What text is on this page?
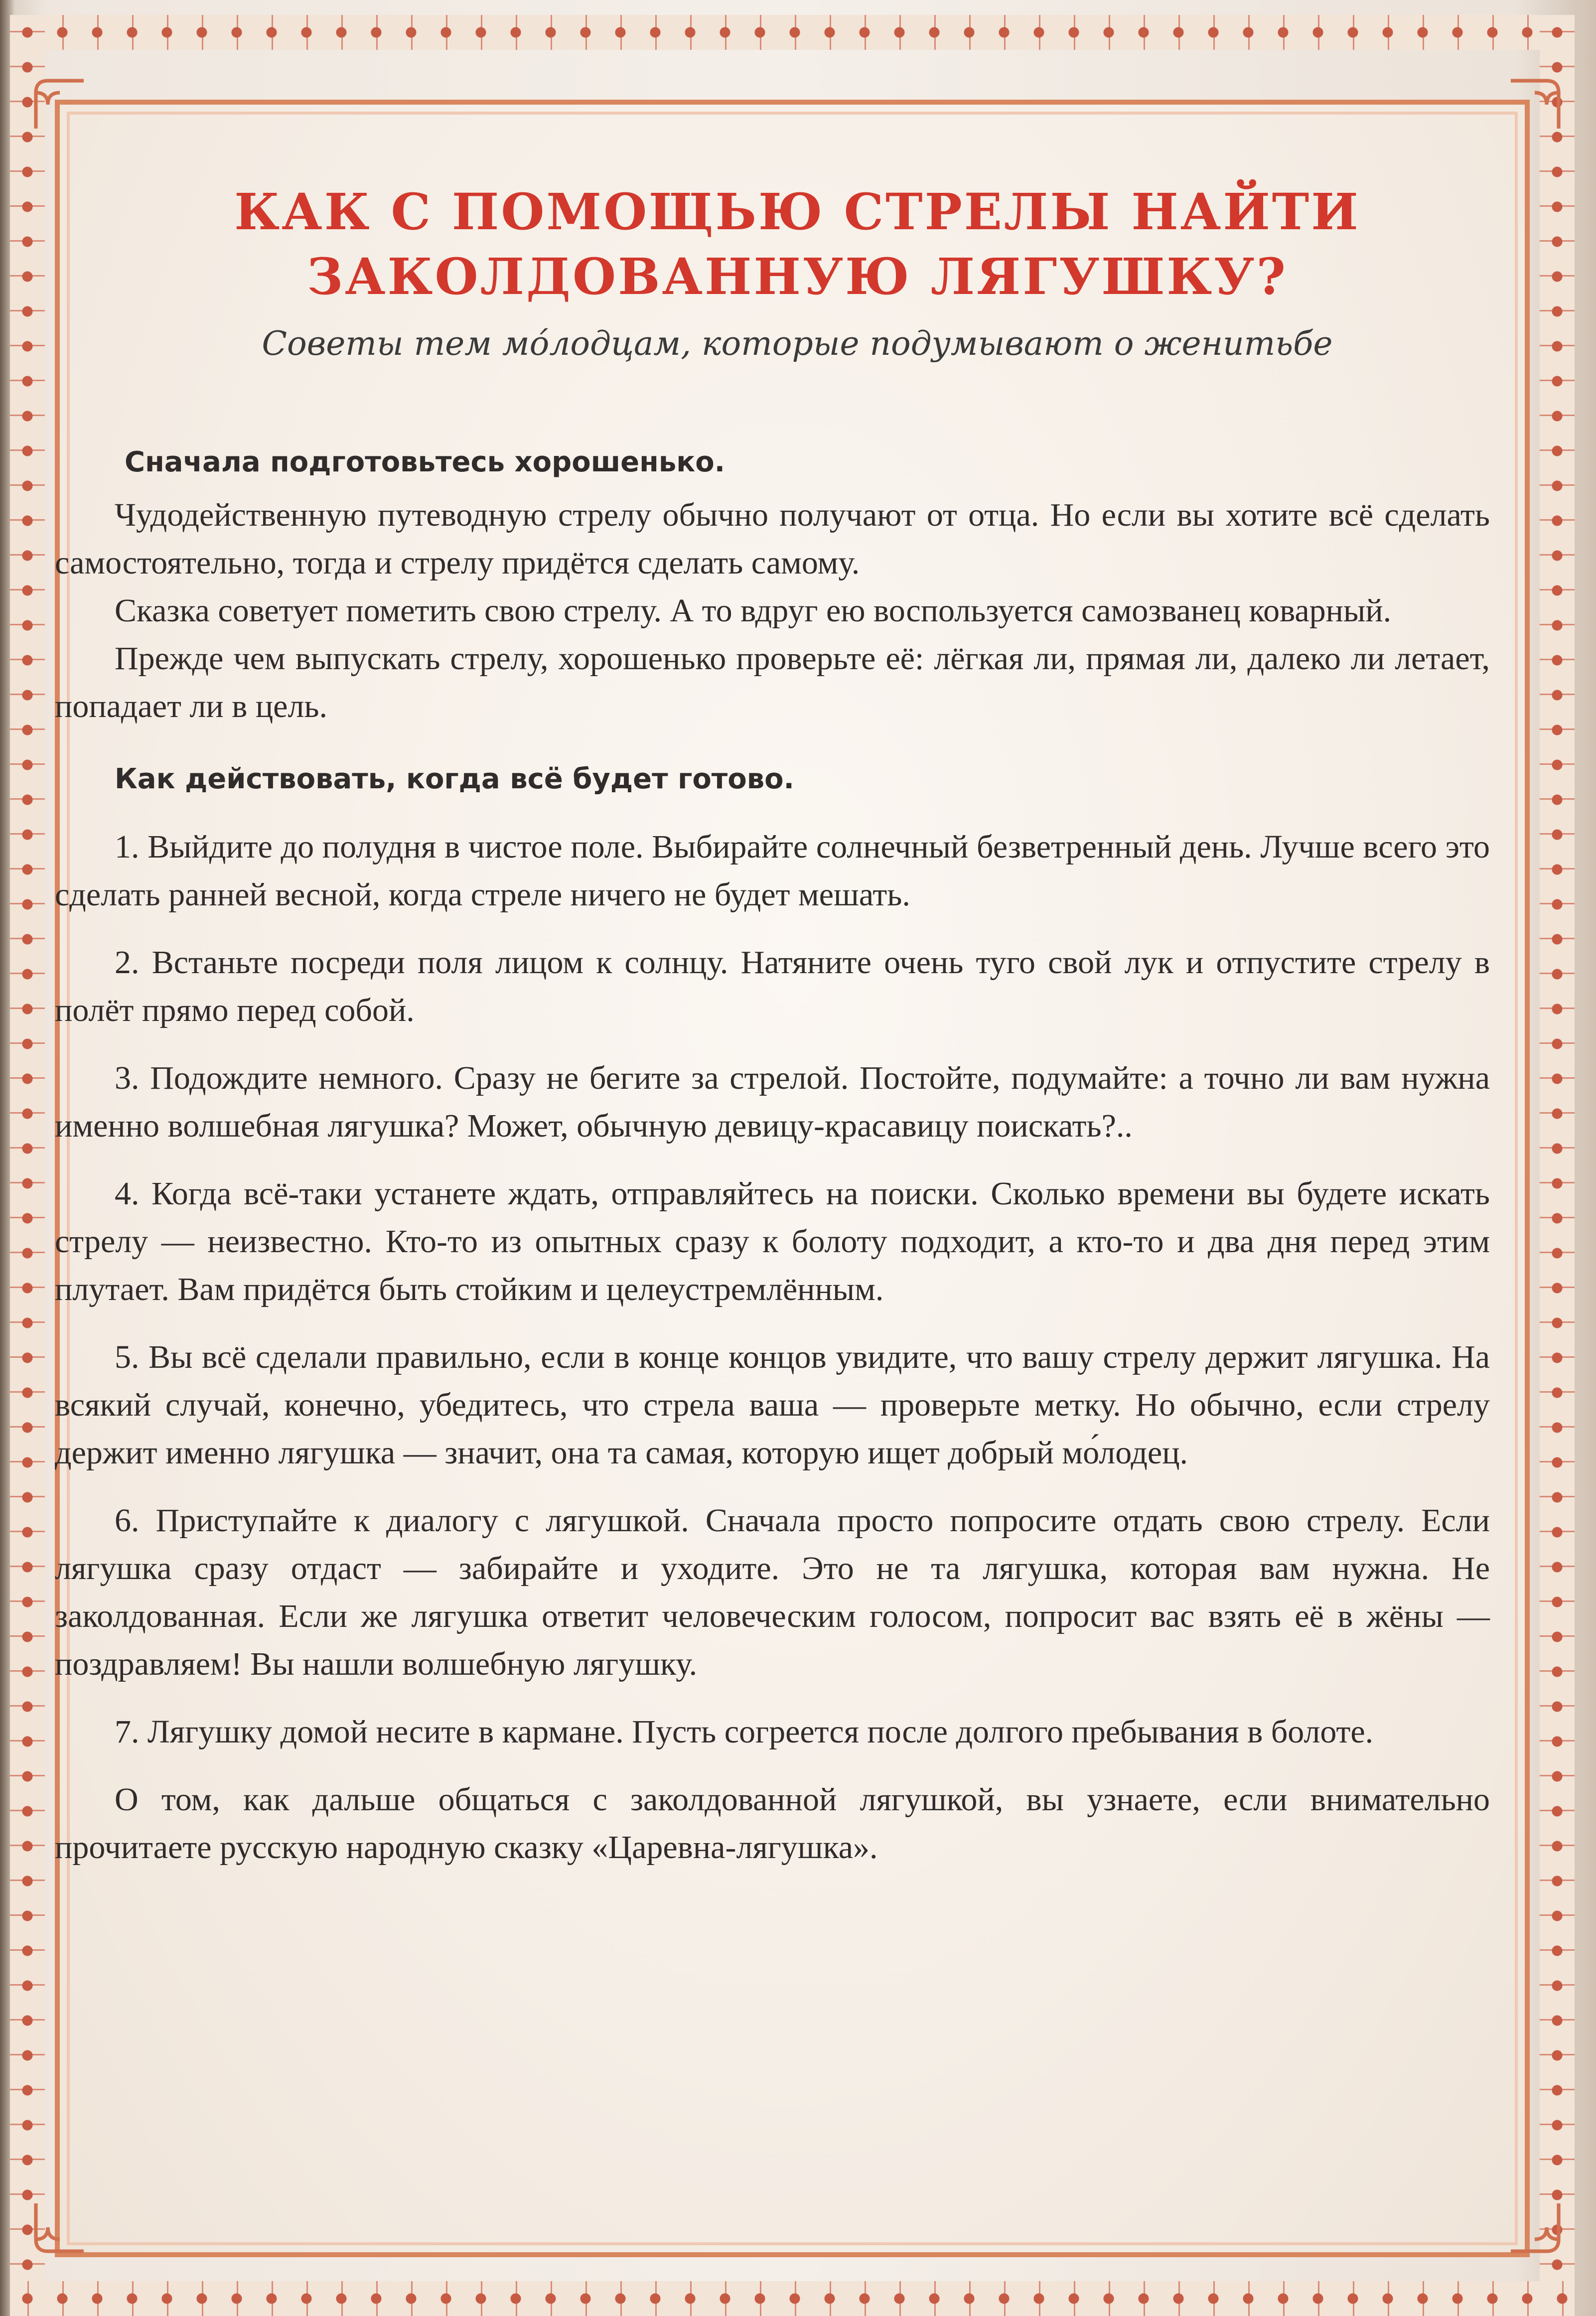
КАК С ПОМОЩЬЮ СТРЕЛЫ НАЙТИ
ЗАКОЛДОВАННУЮ ЛЯГУШКУ?
Советы тем мо́лодцам, которые подумывают о женитьбе

Сначала подготовьтесь хорошенько.

Чудодейственную путеводную стрелу обычно получают от отца. Но если вы хотите всё сделать самостоятельно, тогда и стрелу придётся сделать самому.

Сказка советует пометить свою стрелу. А то вдруг ею воспользуется самозванец коварный.

Прежде чем выпускать стрелу, хорошенько проверьте её: лёгкая ли, прямая ли, далеко ли летает, попадает ли в цель.

Как действовать, когда всё будет готово.

1. Выйдите до полудня в чистое поле. Выбирайте солнечный безветренный день. Лучше всего это сделать ранней весной, когда стреле ничего не будет мешать.

2. Встаньте посреди поля лицом к солнцу. Натяните очень туго свой лук и отпустите стрелу в полёт прямо перед собой.

3. Подождите немного. Сразу не бегите за стрелой. Постойте, подумайте: а точно ли вам нужна именно волшебная лягушка? Может, обычную девицу-красавицу поискать?..

4. Когда всё-таки устанете ждать, отправляйтесь на поиски. Сколько времени вы будете искать стрелу — неизвестно. Кто-то из опытных сразу к болоту подходит, а кто-то и два дня перед этим плутает. Вам придётся быть стойким и целеустремлённым.

5. Вы всё сделали правильно, если в конце концов увидите, что вашу стрелу держит лягушка. На всякий случай, конечно, убедитесь, что стрела ваша — проверьте метку. Но обычно, если стрелу держит именно лягушка — значит, она та самая, которую ищет добрый мо́лодец.

6. Приступайте к диалогу с лягушкой. Сначала просто попросите отдать свою стрелу. Если лягушка сразу отдаст — забирайте и уходите. Это не та лягушка, которая вам нужна. Не заколдованная. Если же лягушка ответит человеческим голосом, попросит вас взять её в жёны — поздравляем! Вы нашли волшебную лягушку.

7. Лягушку домой несите в кармане. Пусть согреется после долгого пребывания в болоте.

О том, как дальше общаться с заколдованной лягушкой, вы узнаете, если внимательно прочитаете русскую народную сказку «Царевна-лягушка».
